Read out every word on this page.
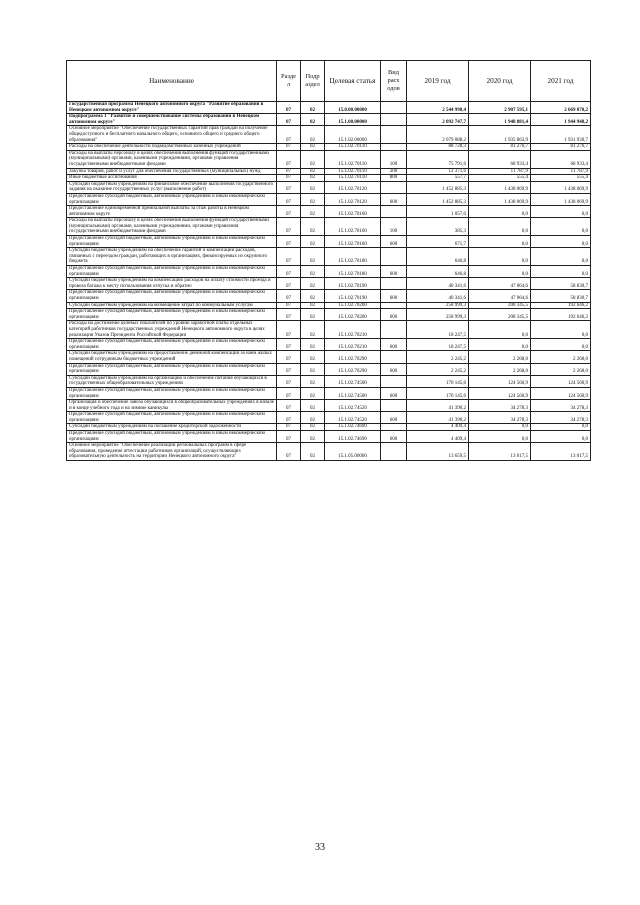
Наименование	Разде л	Подр аздел	Целевая статья	Вид расх одов	2019 год	2020 год	2021 год
Государственная программа Ненецкого автономного округа "Развитие образования в Ненецком автономном округе"	07	02	15.0.00.00000		2 544 990,4	2 907 595,1	2 669 070,2
Подпрограмма 1 "Развитие и совершенствование системы образования в Ненецком автономном округе"	07	02	15.1.00.00000		2 092 747,7	1 948 881,4	1 944 948,2
Основное мероприятие "Обеспечение государственных гарантий прав граждан на получение общедоступного и бесплатного начального общего, основного общего и среднего общего образования"	07	02	15.1.02.00000		2 079 088,2	1 935 863,9	1 931 930,7
Расходы на обеспечение деятельности подведомственных казённых учреждений	07	02	15.1.02.70110		88 728,3	81 276,7	81 276,7
Расходы на выплаты персоналу в целях обеспечения выполнения функций государственными (муниципальными) органами, казенными учреждениями, органами управления государственными внебюджетными фондами	07	02	15.1.02.70110	100	75 791,6	68 933,4	68 933,4
Закупка товаров, работ и услуг для обеспечения государственных (муниципальных) нужд	07	02	15.1.02.70110	200	12 371,6	11 787,9	11 787,9
Иные бюджетные ассигнования	07	02	15.1.02.70110	800	557,7	555,4	555,4
Субсидии бюджетным учреждениям на финансовое обеспечение выполнения государственного задания на оказание государственных услуг (выполнение работ)	07	02	15.1.02.70120		1 452 885,3	1 438 069,9	1 438 069,9
Предоставление субсидий бюджетным, автономным учреждениям и иным некоммерческим организациям	07	02	15.1.02.70120	600	1 452 885,3	1 438 069,9	1 438 069,9
Предоставление единовременной премиальной выплаты за стаж работы в Ненецком автономном округе	07	02	15.1.02.70160		1 057,0	0,0	0,0
Расходы на выплаты персоналу в целях обеспечения выполнения функций государственными (муниципальными) органами, казенными учреждениями, органами управления государственными внебюджетными фондами	07	02	15.1.02.70160	100	385,3	0,0	0,0
Предоставление субсидий бюджетным, автономным учреждениям и иным некоммерческим организациям	07	02	15.1.02.70160	600	671,7	0,0	0,0
Субсидии бюджетным учреждениям на обеспечение гарантий и компенсации расходов, связанных с переездом граждан, работающих в организациях, финансируемых из окружного бюджета	07	02	15.1.02.70180		646,8	0,0	0,0
Предоставление субсидий бюджетным, автономным учреждениям и иным некоммерческим организациям	07	02	15.1.02.70180	600	646,8	0,0	0,0
Субсидии бюджетным учреждениям на компенсацию расходов на оплату стоимости проезда и провоза багажа к месту использования отпуска и обратно	07	02	15.1.02.70190		40 341,6	47 064,6	58 830,7
Предоставление субсидий бюджетным, автономным учреждениям и иным некоммерческим организациям	07	02	15.1.02.70190	600	40 341,6	47 064,6	58 830,7
Субсидии бюджетным учреждениям на возмещение затрат по коммунальным услугам	07	02	15.1.02.70200		258 999,3	208 345,5	192 646,2
Предоставление субсидий бюджетным, автономным учреждениям и иным некоммерческим организациям	07	02	15.1.02.70200	600	258 999,3	208 345,5	192 646,2
Расходы на достижение целевых показателей по уровню заработной платы отдельных категорий работников государственных учреждений Ненецкого автономного округа в целях реализации Указов Президента Российской Федерации	07	02	15.1.02.70210		18 247,5	0,0	0,0
Предоставление субсидий бюджетным, автономным учреждениям и иным некоммерческим организациям	07	02	15.1.02.70210	600	18 247,5	0,0	0,0
Субсидии бюджетным учреждениям на предоставление денежной компенсации за наем жилых помещений сотрудникам бюджетных учреждений	07	02	15.1.02.70290		2 245,2	2 268,0	2 268,0
Предоставление субсидий бюджетным, автономным учреждениям и иным некоммерческим организациям	07	02	15.1.02.70290	600	2 245,2	2 268,0	2 268,0
Субсидии бюджетным учреждениям на организацию и обеспечение питания обучающихся в государственных общеобразовательных учреждениях	07	02	15.1.02.74500		170 145,6	124 560,9	124 560,9
Предоставление субсидий бюджетным, автономным учреждениям и иным некоммерческим организациям	07	02	15.1.02.74500	600	170 145,6	124 560,9	124 560,9
Организация и обеспечение завоза обучающихся в общеобразовательных учреждениях в начале и в конце учебного года и на зимние каникулы	07	02	15.1.02.74520		41 390,2	34 278,3	34 278,3
Предоставление субсидий бюджетным, автономным учреждениям и иным некоммерческим организациям	07	02	15.1.02.74520	600	41 390,2	34 278,3	34 278,3
Субсидии бюджетным учреждениям на погашение кредиторской задолженности	07	02	15.1.02.74690		4 409,4	0,0	0,0
Предоставление субсидий бюджетным, автономным учреждениям и иным некоммерческим организациям	07	02	15.1.02.74690	600	4 409,4	0,0	0,0
Основное мероприятие "Обеспечение реализации региональных программ в сфере образования, проведение аттестации работников организаций, осуществляющих образовательную деятельность на территории Ненецкого автономного округа"	07	02	15.1.05.00000		13 659,5	13 017,5	13 017,5
33
